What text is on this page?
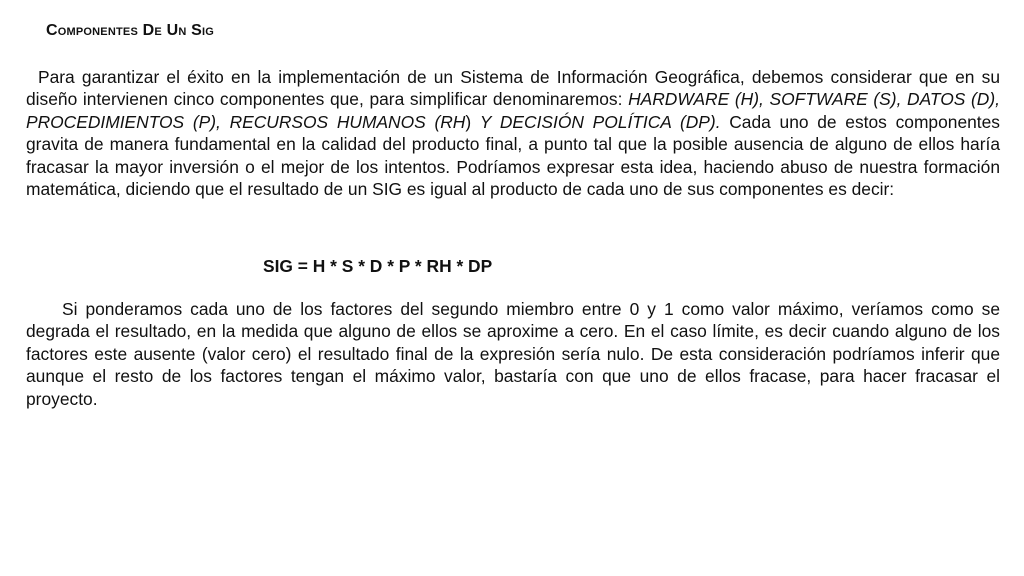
Componentes De Un Sig

Para garantizar el éxito en la implementación de un Sistema de Información Geográfica, debemos considerar que en su diseño intervienen cinco componentes que, para simplificar denominaremos: HARDWARE (H), SOFTWARE (S), DATOS (D), PROCEDIMIENTOS (P), RECURSOS HUMANOS (RH) Y DECISIÓN POLÍTICA (DP). Cada uno de estos componentes gravita de manera fundamental en la calidad del producto final, a punto tal que la posible ausencia de alguno de ellos haría fracasar la mayor inversión o el mejor de los intentos. Podríamos expresar esta idea, haciendo abuso de nuestra formación matemática, diciendo que el resultado de un SIG es igual al producto de cada uno de sus componentes es decir:

SIG = H * S * D * P * RH * DP

Si ponderamos cada uno de los factores del segundo miembro entre 0 y 1 como valor máximo, veríamos como se degrada el resultado, en la medida que alguno de ellos se aproxime a cero. En el caso límite, es decir cuando alguno de los factores este ausente (valor cero) el resultado final de la expresión sería nulo. De esta consideración podríamos inferir que aunque el resto de los factores tengan el máximo valor, bastaría con que uno de ellos fracase, para hacer fracasar el proyecto.
